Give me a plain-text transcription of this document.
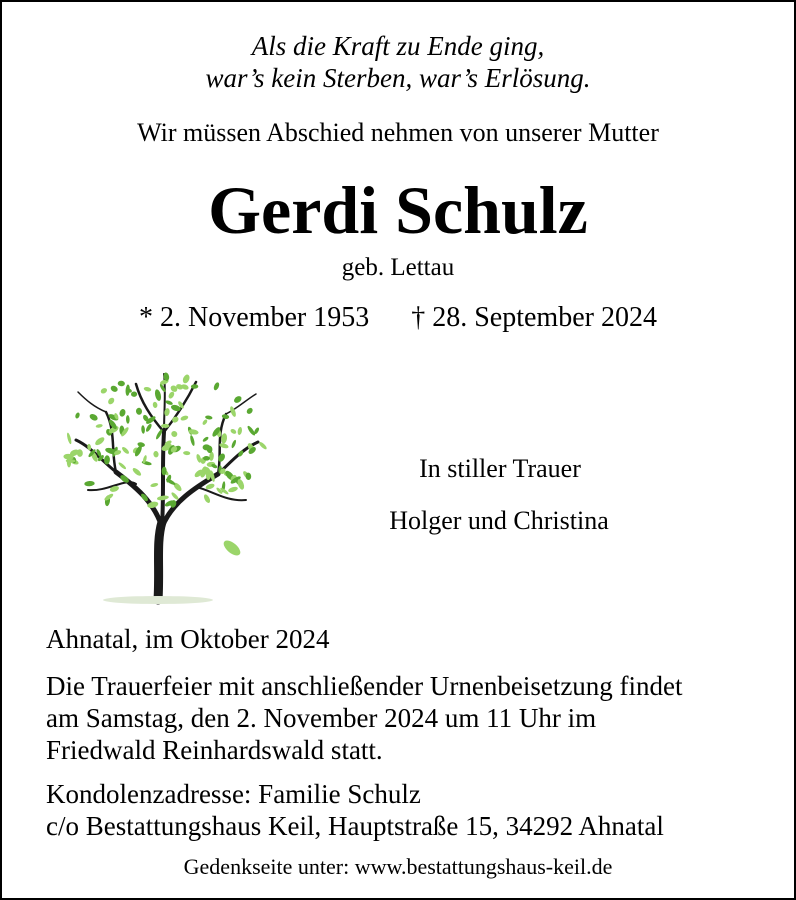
Als die Kraft zu Ende ging,
war’s kein Sterben, war’s Erlösung.
Wir müssen Abschied nehmen von unserer Mutter
Gerdi Schulz
geb. Lettau
* 2. November 1953 † 28. September 2024
In stiller Trauer
Holger und Christina
Ahnatal, im Oktober 2024
Die Trauerfeier mit anschließender Urnenbeisetzung findet
am Samstag, den 2. November 2024 um 11 Uhr im
Friedwald Reinhardswald statt.
Kondolenzadresse: Familie Schulz
c/o Bestattungshaus Keil, Hauptstraße 15, 34292 Ahnatal
Gedenkseite unter: www.bestattungshaus-keil.de
